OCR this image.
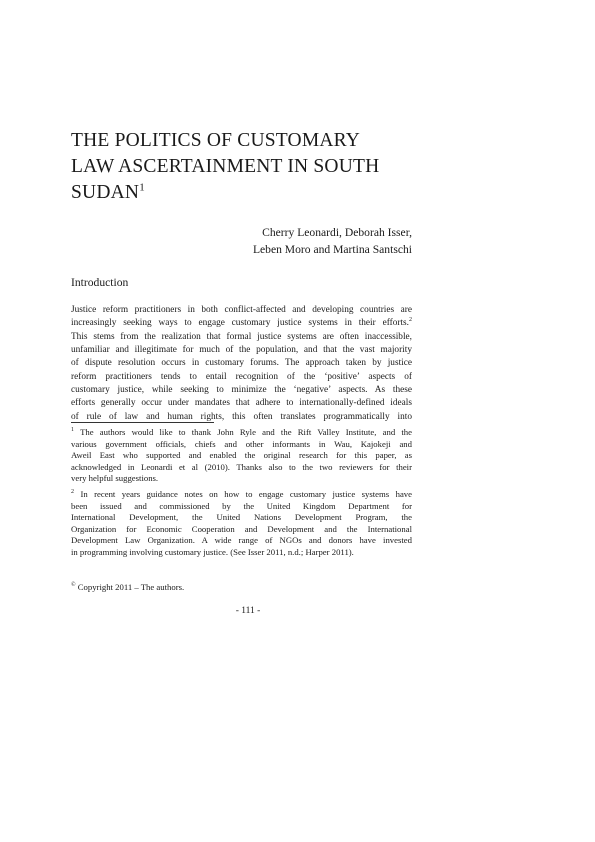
THE POLITICS OF CUSTOMARY
LAW ASCERTAINMENT IN SOUTH
SUDAN$^1$
Cherry Leonardi, Deborah Isser,
Leben Moro and Martina Santschi
Introduction
Justice reform practitioners in both conflict-affected and developing countries are
increasingly seeking ways to engage customary justice systems in their efforts.$^2$
This stems from the realization that formal justice systems are often inaccessible,
unfamiliar and illegitimate for much of the population, and that the vast majority
of dispute resolution occurs in customary forums. The approach taken by justice
reform practitioners tends to entail recognition of the ‘positive’ aspects of
customary justice, while seeking to minimize the ‘negative’ aspects. As these
efforts generally occur under mandates that adhere to internationally-defined ideals
of rule of law and human rights, this often translates programmatically into
$^1$ The authors would like to thank John Ryle and the Rift Valley Institute, and the
various government officials, chiefs and other informants in Wau, Kajokeji and
Aweil East who supported and enabled the original research for this paper, as
acknowledged in Leonardi et al (2010). Thanks also to the two reviewers for their
very helpful suggestions.
$^2$ In recent years guidance notes on how to engage customary justice systems have
been issued and commissioned by the United Kingdom Department for
International Development, the United Nations Development Program, the
Organization for Economic Cooperation and Development and the International
Development Law Organization. A wide range of NGOs and donors have invested
in programming involving customary justice. (See Isser 2011, n.d.; Harper 2011).
© Copyright 2011 – The authors.
- 111 -
